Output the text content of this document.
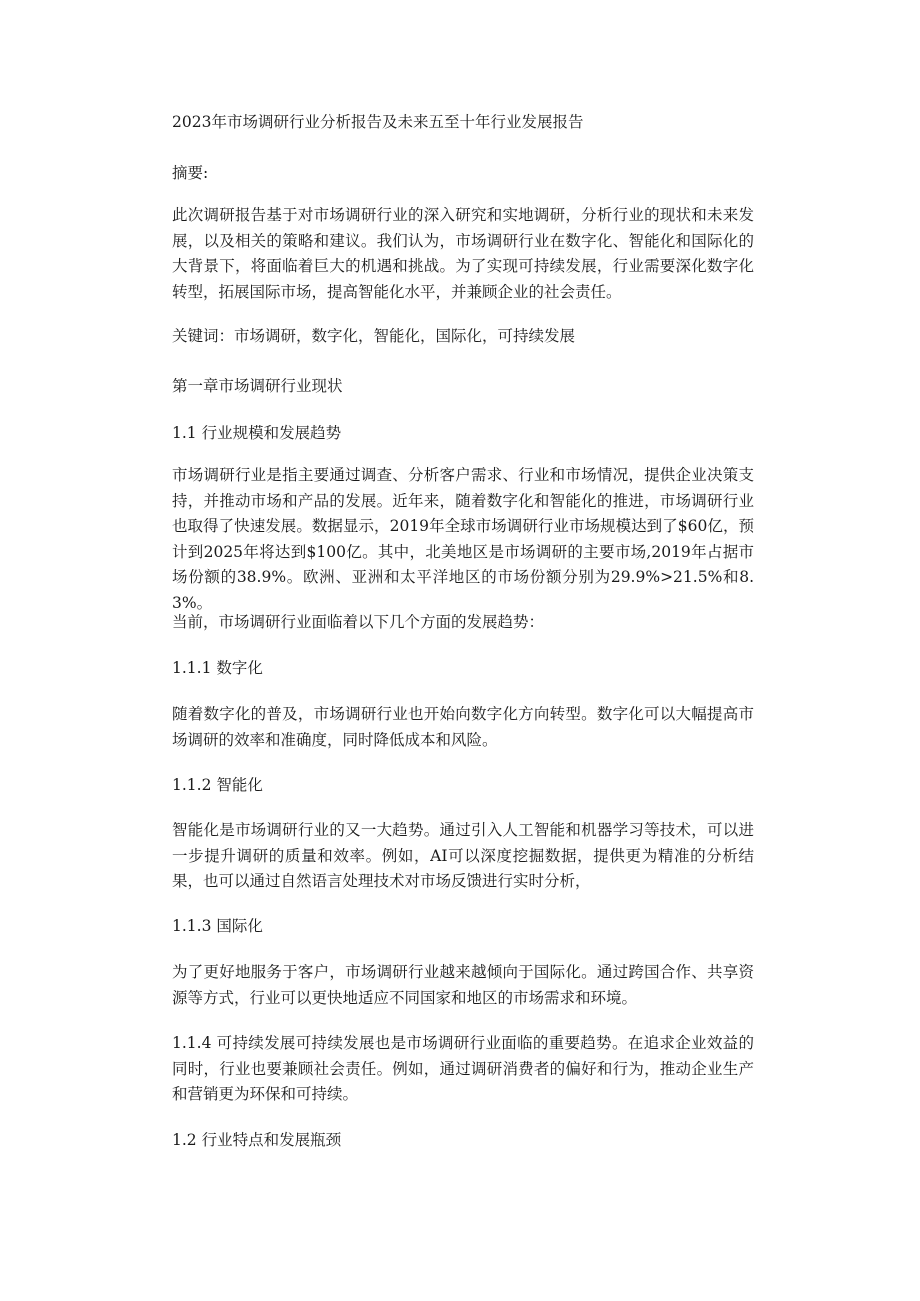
2023年市场调研行业分析报告及未来五至十年行业发展报告

摘要:

此次调研报告基于对市场调研行业的深入研究和实地调研，分析行业的现状和未来发展，以及相关的策略和建议。我们认为，市场调研行业在数字化、智能化和国际化的大背景下，将面临着巨大的机遇和挑战。为了实现可持续发展，行业需要深化数字化转型，拓展国际市场，提高智能化水平，并兼顾企业的社会责任。

关键词：市场调研，数字化，智能化，国际化，可持续发展

第一章市场调研行业现状

1.1 行业规模和发展趋势

市场调研行业是指主要通过调查、分析客户需求、行业和市场情况，提供企业决策支持，并推动市场和产品的发展。近年来，随着数字化和智能化的推进，市场调研行业也取得了快速发展。数据显示，2019年全球市场调研行业市场规模达到了$60亿，预计到2025年将达到$100亿。其中，北美地区是市场调研的主要市场,2019年占据市场份额的38.9%。欧洲、亚洲和太平洋地区的市场份额分别为29.9%>21.5%和8.3%。

当前，市场调研行业面临着以下几个方面的发展趋势：

1.1.1 数字化

随着数字化的普及，市场调研行业也开始向数字化方向转型。数字化可以大幅提高市场调研的效率和准确度，同时降低成本和风险。

1.1.2 智能化

智能化是市场调研行业的又一大趋势。通过引入人工智能和机器学习等技术，可以进一步提升调研的质量和效率。例如，AI可以深度挖掘数据，提供更为精准的分析结果，也可以通过自然语言处理技术对市场反馈进行实时分析，

1.1.3 国际化

为了更好地服务于客户，市场调研行业越来越倾向于国际化。通过跨国合作、共享资源等方式，行业可以更快地适应不同国家和地区的市场需求和环境。

1.1.4 可持续发展可持续发展也是市场调研行业面临的重要趋势。在追求企业效益的同时，行业也要兼顾社会责任。例如，通过调研消费者的偏好和行为，推动企业生产和营销更为环保和可持续。

1.2 行业特点和发展瓶颈
